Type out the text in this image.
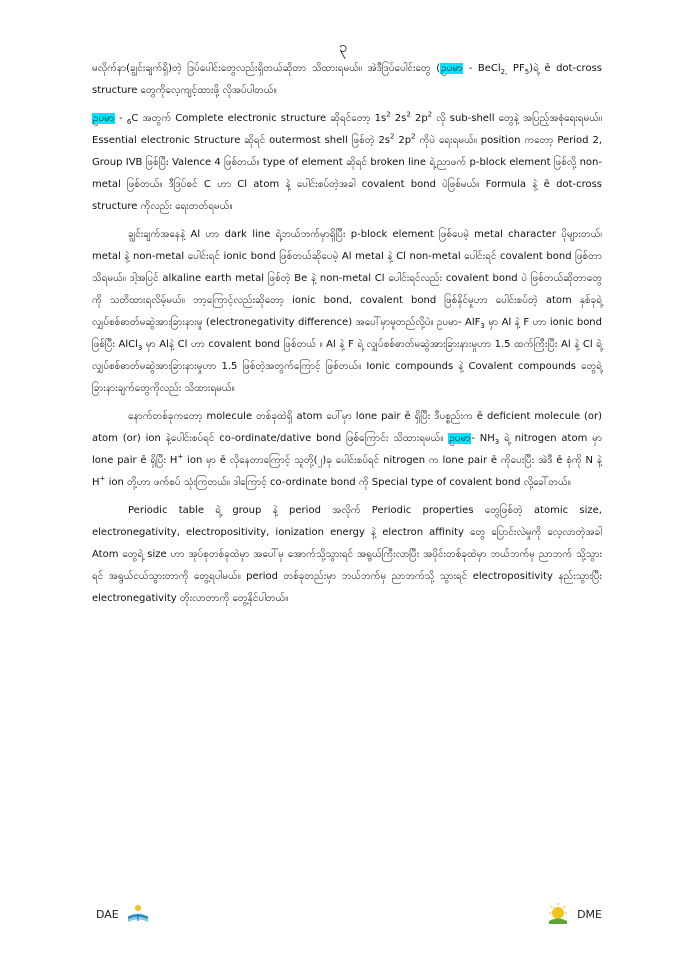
၃

မလိုက်နာ(ချွင်းချက်ရှိ)တဲ့ ဒြပ်ပေါင်းတွေလည်းရှိတယ်ဆိုတာ သိထားရမယ်။ အဲဒီဒြပ်ပေါင်းတွေ (ဥပမာ - BeCl$_{2,}$ $PF_5$)ရဲ့ ē dot-cross structure တွေကိုလေ့ကျင့်ထားဖို့ လိုအပ်ပါတယ်။

ဥပမာ - $_6$C အတွက် Complete electronic structure ဆိုရင်တော့ $1s^2$ $2s^2$ $2p^2$ လို sub-shell တွေနဲ့ အပြည့်အစုံရေးရမယ်။ Essential electronic Structure ဆိုရင် outermost shell ဖြစ်တဲ့ $2s^2$ $2p^2$ ကိုပဲ ရေးရမယ်။ position ကတော့ Period 2, Group IVB ဖြစ်ပြီး Valence 4 ဖြစ်တယ်။ type of element ဆိုရင် broken line ရဲ့ညာဖက် p-block element ဖြစ်လို့ non-metal ဖြစ်တယ်။ ဒီဒြပ်စင် C ဟာ Cl atom နဲ့ ပေါင်းစပ်တဲ့အခါ covalent bond ပဲဖြစ်မယ်။ Formula နဲ့ ē dot-cross structure ကိုလည်း ရေးတတ်ရမယ်။

ချွင်းချက်အနေနဲ့ Al ဟာ dark line ရဲ့ဘယ်ဘက်မှာရှိပြီး p-block element ဖြစ်ပေမဲ့ metal character ပိုများတယ်၊ metal နဲ့ non-metal ပေါင်းရင် ionic bond ဖြစ်တယ်ဆိုပေမဲ့ Al metal နဲ့ Cl non-metal ပေါင်းရင် covalent bond ဖြစ်တာသိရမယ်။ ဒါ့အပြင် alkaline earth metal ဖြစ်တဲ့ Be နဲ့ non-metal Cl ပေါင်းရင်လည်း covalent bond ပဲ ဖြစ်တယ်ဆိုတာတွေကို သတိထားရလိမ့်မယ်။ ဘာ့ကြောင့်လည်းဆိုတော့ ionic bond, covalent bond ဖြစ်နိုင်မှုဟာ ပေါင်းစပ်တဲ့ atom နှစ်ခုရဲ့ လျှပ်စစ်ဓာတ်မဆွဲအားခြားနားမှု (electronegativity difference) အပေါ်မှာမူတည်လို့ပဲ။ ဥပမာ- AlF$_3$ မှာ Al နဲ့ F ဟာ ionic bond ဖြစ်ပြီး AlCl$_3$ မှာ Alနဲ့ Cl ဟာ covalent bond ဖြစ်တယ် ။ Al နဲ့ F ရဲ့ လျှပ်စစ်ဓာတ်မဆွဲအားခြားနားမှုဟာ 1.5 ထက်ကြီးပြီး Al နဲ့ Cl ရဲ့ လျှပ်စစ်ဓာတ်မဆွဲအားခြားနားမှုဟာ 1.5 ဖြစ်တဲ့အတွက်ကြောင့် ဖြစ်တယ်။ Ionic compounds နဲ့ Covalent compounds တွေရဲ့ ခြားနားချက်တွေကိုလည်း သိထားရမယ်။

နောက်တစ်ခုကတော့ molecule တစ်ခုထဲရှိ atom ပေါ်မှာ lone pair ē ရှိပြီး ဒီပစ္စည်းက ē deficient molecule (or) atom (or) ion နဲ့ပေါင်းစပ်ရင် co-ordinate/dative bond ဖြစ်ကြောင်း သိထားရမယ်။ ဥပမာ- $NH_3$ ရဲ့ nitrogen atom မှာ lone pair ē ရှိပြီး H+ ion မှာ ē လိုနေတာကြောင့် သူတို့(၂)ခု ပေါင်းစပ်ရင် nitrogen က lone pair ē ကိုပေးပြီး အဲဒီ ē စုံကို N နဲ့ H+ ion တို့ဟာ ဖက်စပ် သုံးကြတယ်။ ဒါကြောင့် co-ordinate bond ကို Special type of covalent bond လို့ခေါ်တယ်။

Periodic table ရဲ့ group နဲ့ period အလိုက် Periodic properties တွေဖြစ်တဲ့ atomic size, electronegativity, electropositivity, ionization energy နဲ့ electron affinity တွေ ပြောင်းလဲမှုကို လေ့လာတဲ့အခါ Atom တွေရဲ့ size ဟာ အုပ်စုတစ်ခုထဲမှာ အပေါ်မှ အောက်သို့သွားရင် အရွယ်ကြီးလာပြီး အပိုင်းတစ်ခုထဲမှာ ဘယ်ဘက်မှ ညာဘက် သို့သွားရင် အရွယ်ငယ်သွားတာကို တွေ့ရပါမယ်။ period တစ်ခုတည်းမှာ ဘယ်ဘက်မှ ညာဘက်သို့ သွားရင် electropositivity နည်းသွားပြီး electronegativity တိုးလာတာကို တွေ့နိုင်ပါတယ်။

DAE	DME
